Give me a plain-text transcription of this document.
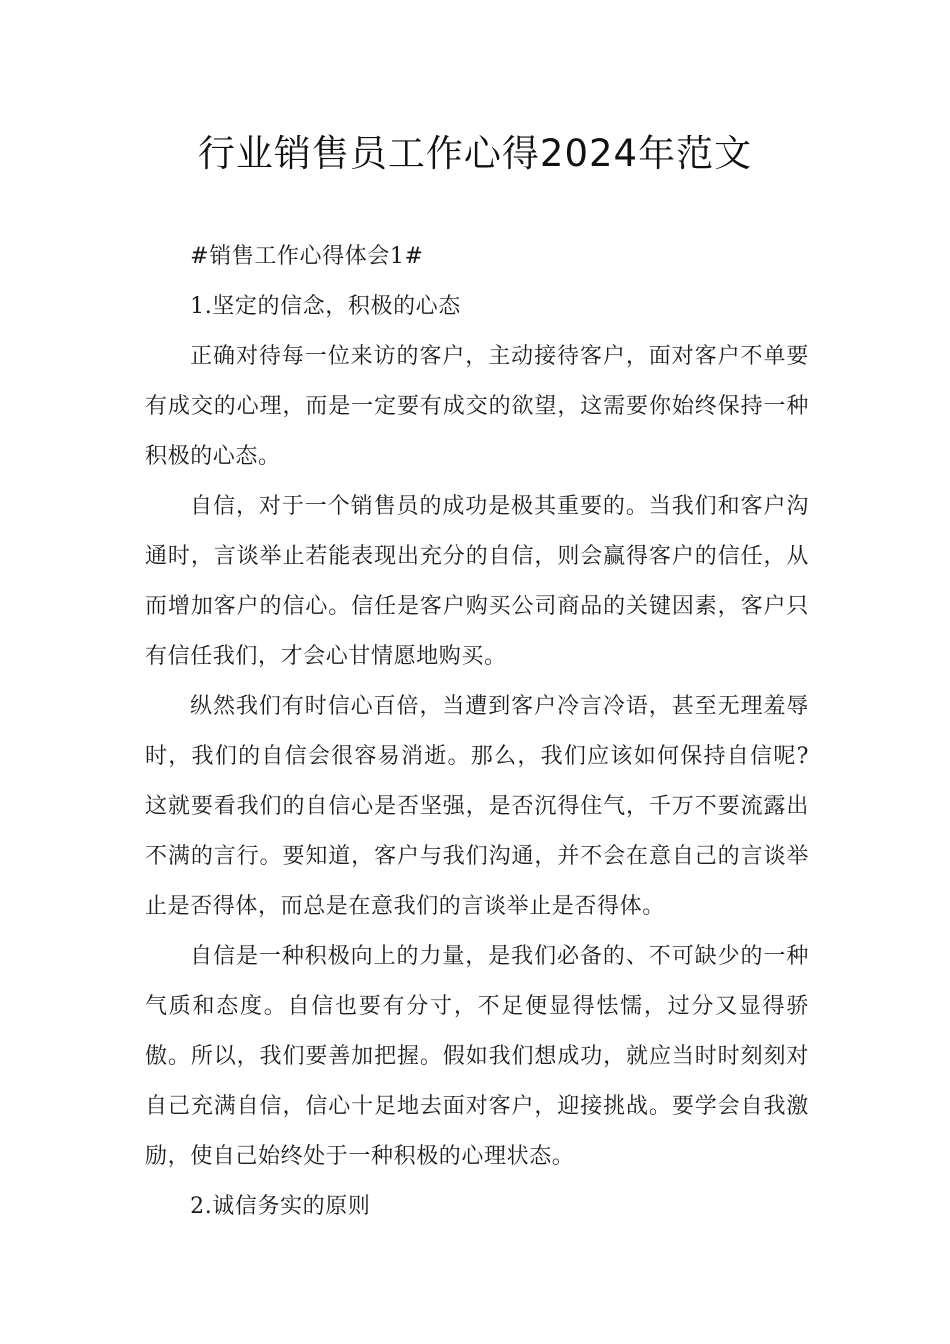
行业销售员工作心得2024年范文

#销售工作心得体会1#

1.坚定的信念，积极的心态

正确对待每一位来访的客户，主动接待客户，面对客户不单要有成交的心理，而是一定要有成交的欲望，这需要你始终保持一种积极的心态。

自信，对于一个销售员的成功是极其重要的。当我们和客户沟通时，言谈举止若能表现出充分的自信，则会赢得客户的信任，从而增加客户的信心。信任是客户购买公司商品的关键因素，客户只有信任我们，才会心甘情愿地购买。

纵然我们有时信心百倍，当遭到客户冷言冷语，甚至无理羞辱时，我们的自信会很容易消逝。那么，我们应该如何保持自信呢?这就要看我们的自信心是否坚强，是否沉得住气，千万不要流露出不满的言行。要知道，客户与我们沟通，并不会在意自己的言谈举止是否得体，而总是在意我们的言谈举止是否得体。

自信是一种积极向上的力量，是我们必备的、不可缺少的一种气质和态度。自信也要有分寸，不足便显得怯懦，过分又显得骄傲。所以，我们要善加把握。假如我们想成功，就应当时时刻刻对自己充满自信，信心十足地去面对客户，迎接挑战。要学会自我激励，使自己始终处于一种积极的心理状态。

2.诚信务实的原则
